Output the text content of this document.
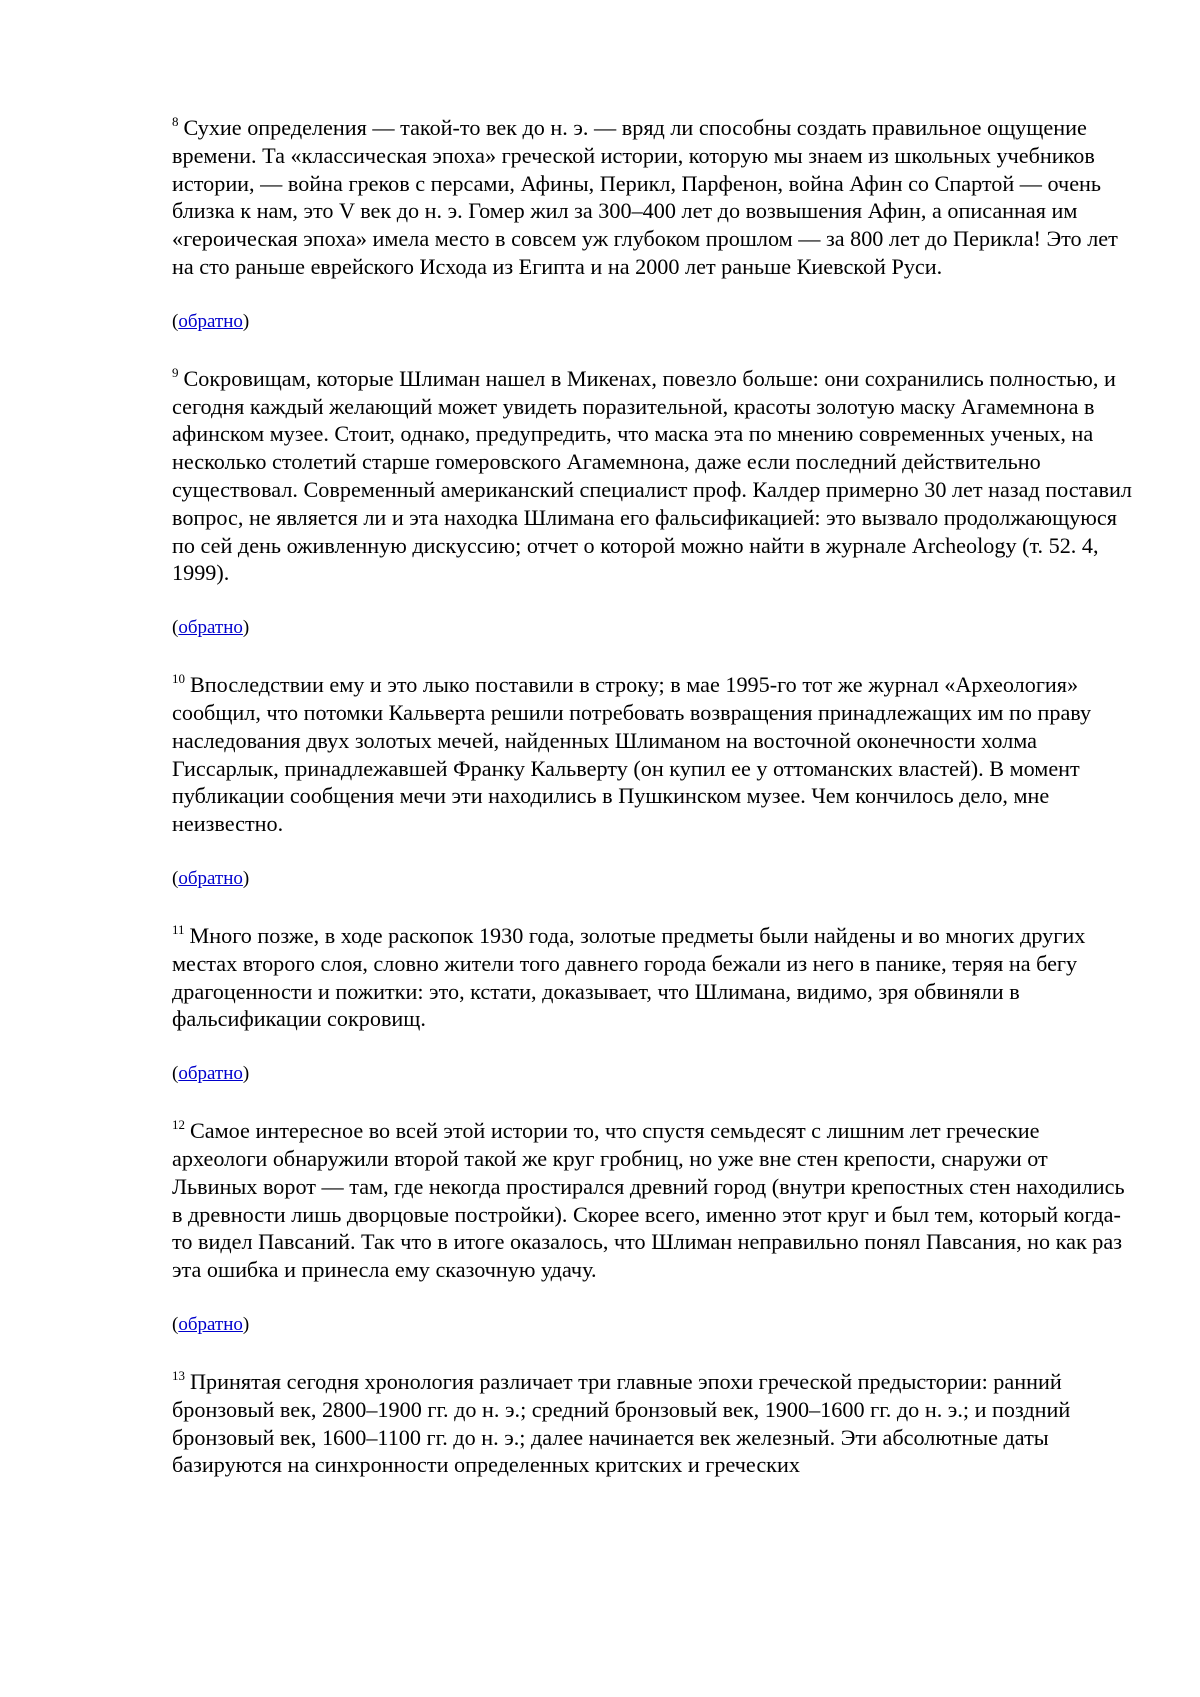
$^8$ Сухие определения — такой-то век до н. э. — вряд ли способны создать правильное ощущение времени. Та «классическая эпоха» греческой истории, которую мы знаем из школьных учебников истории, — война греков с персами, Афины, Перикл, Парфенон, война Афин со Спартой — очень близка к нам, это V век до н. э. Гомер жил за 300–400 лет до возвышения Афин, а описанная им «героическая эпоха» имела место в совсем уж глубоком прошлом — за 800 лет до Перикла! Это лет на сто раньше еврейского Исхода из Египта и на 2000 лет раньше Киевской Руси.

(обратно)

$^9$ Сокровищам, которые Шлиман нашел в Микенах, повезло больше: они сохранились полностью, и сегодня каждый желающий может увидеть поразительной, красоты золотую маску Агамемнона в афинском музее. Стоит, однако, предупредить, что маска эта по мнению современных ученых, на несколько столетий старше гомеровского Агамемнона, даже если последний действительно существовал. Современный американский специалист проф. Калдер примерно 30 лет назад поставил вопрос, не является ли и эта находка Шлимана его фальсификацией: это вызвало продолжающуюся по сей день оживленную дискуссию; отчет о которой можно найти в журнале Archeology (т. 52. 4, 1999).

(обратно)

$^{10}$ Впоследствии ему и это лыко поставили в строку; в мае 1995-го тот же журнал «Археология» сообщил, что потомки Кальверта решили потребовать возвращения принадлежащих им по праву наследования двух золотых мечей, найденных Шлиманом на восточной оконечности холма Гиссарлык, принадлежавшей Франку Кальверту (он купил ее у оттоманских властей). В момент публикации сообщения мечи эти находились в Пушкинском музее. Чем кончилось дело, мне неизвестно.

(обратно)

$^{11}$ Много позже, в ходе раскопок 1930 года, золотые предметы были найдены и во многих других местах второго слоя, словно жители того давнего города бежали из него в панике, теряя на бегу драгоценности и пожитки: это, кстати, доказывает, что Шлимана, видимо, зря обвиняли в фальсификации сокровищ.

(обратно)

$^{12}$ Самое интересное во всей этой истории то, что спустя семьдесят с лишним лет греческие археологи обнаружили второй такой же круг гробниц, но уже вне стен крепости, снаружи от Львиных ворот — там, где некогда простирался древний город (внутри крепостных стен находились в древности лишь дворцовые постройки). Скорее всего, именно этот круг и был тем, который когда-то видел Павсаний. Так что в итоге оказалось, что Шлиман неправильно понял Павсания, но как раз эта ошибка и принесла ему сказочную удачу.

(обратно)

$^{13}$ Принятая сегодня хронология различает три главные эпохи греческой предыстории: ранний бронзовый век, 2800–1900 гг. до н. э.; средний бронзовый век, 1900–1600 гг. до н. э.; и поздний бронзовый век, 1600–1100 гг. до н. э.; далее начинается век железный. Эти абсолютные даты базируются на синхронности определенных критских и греческих
